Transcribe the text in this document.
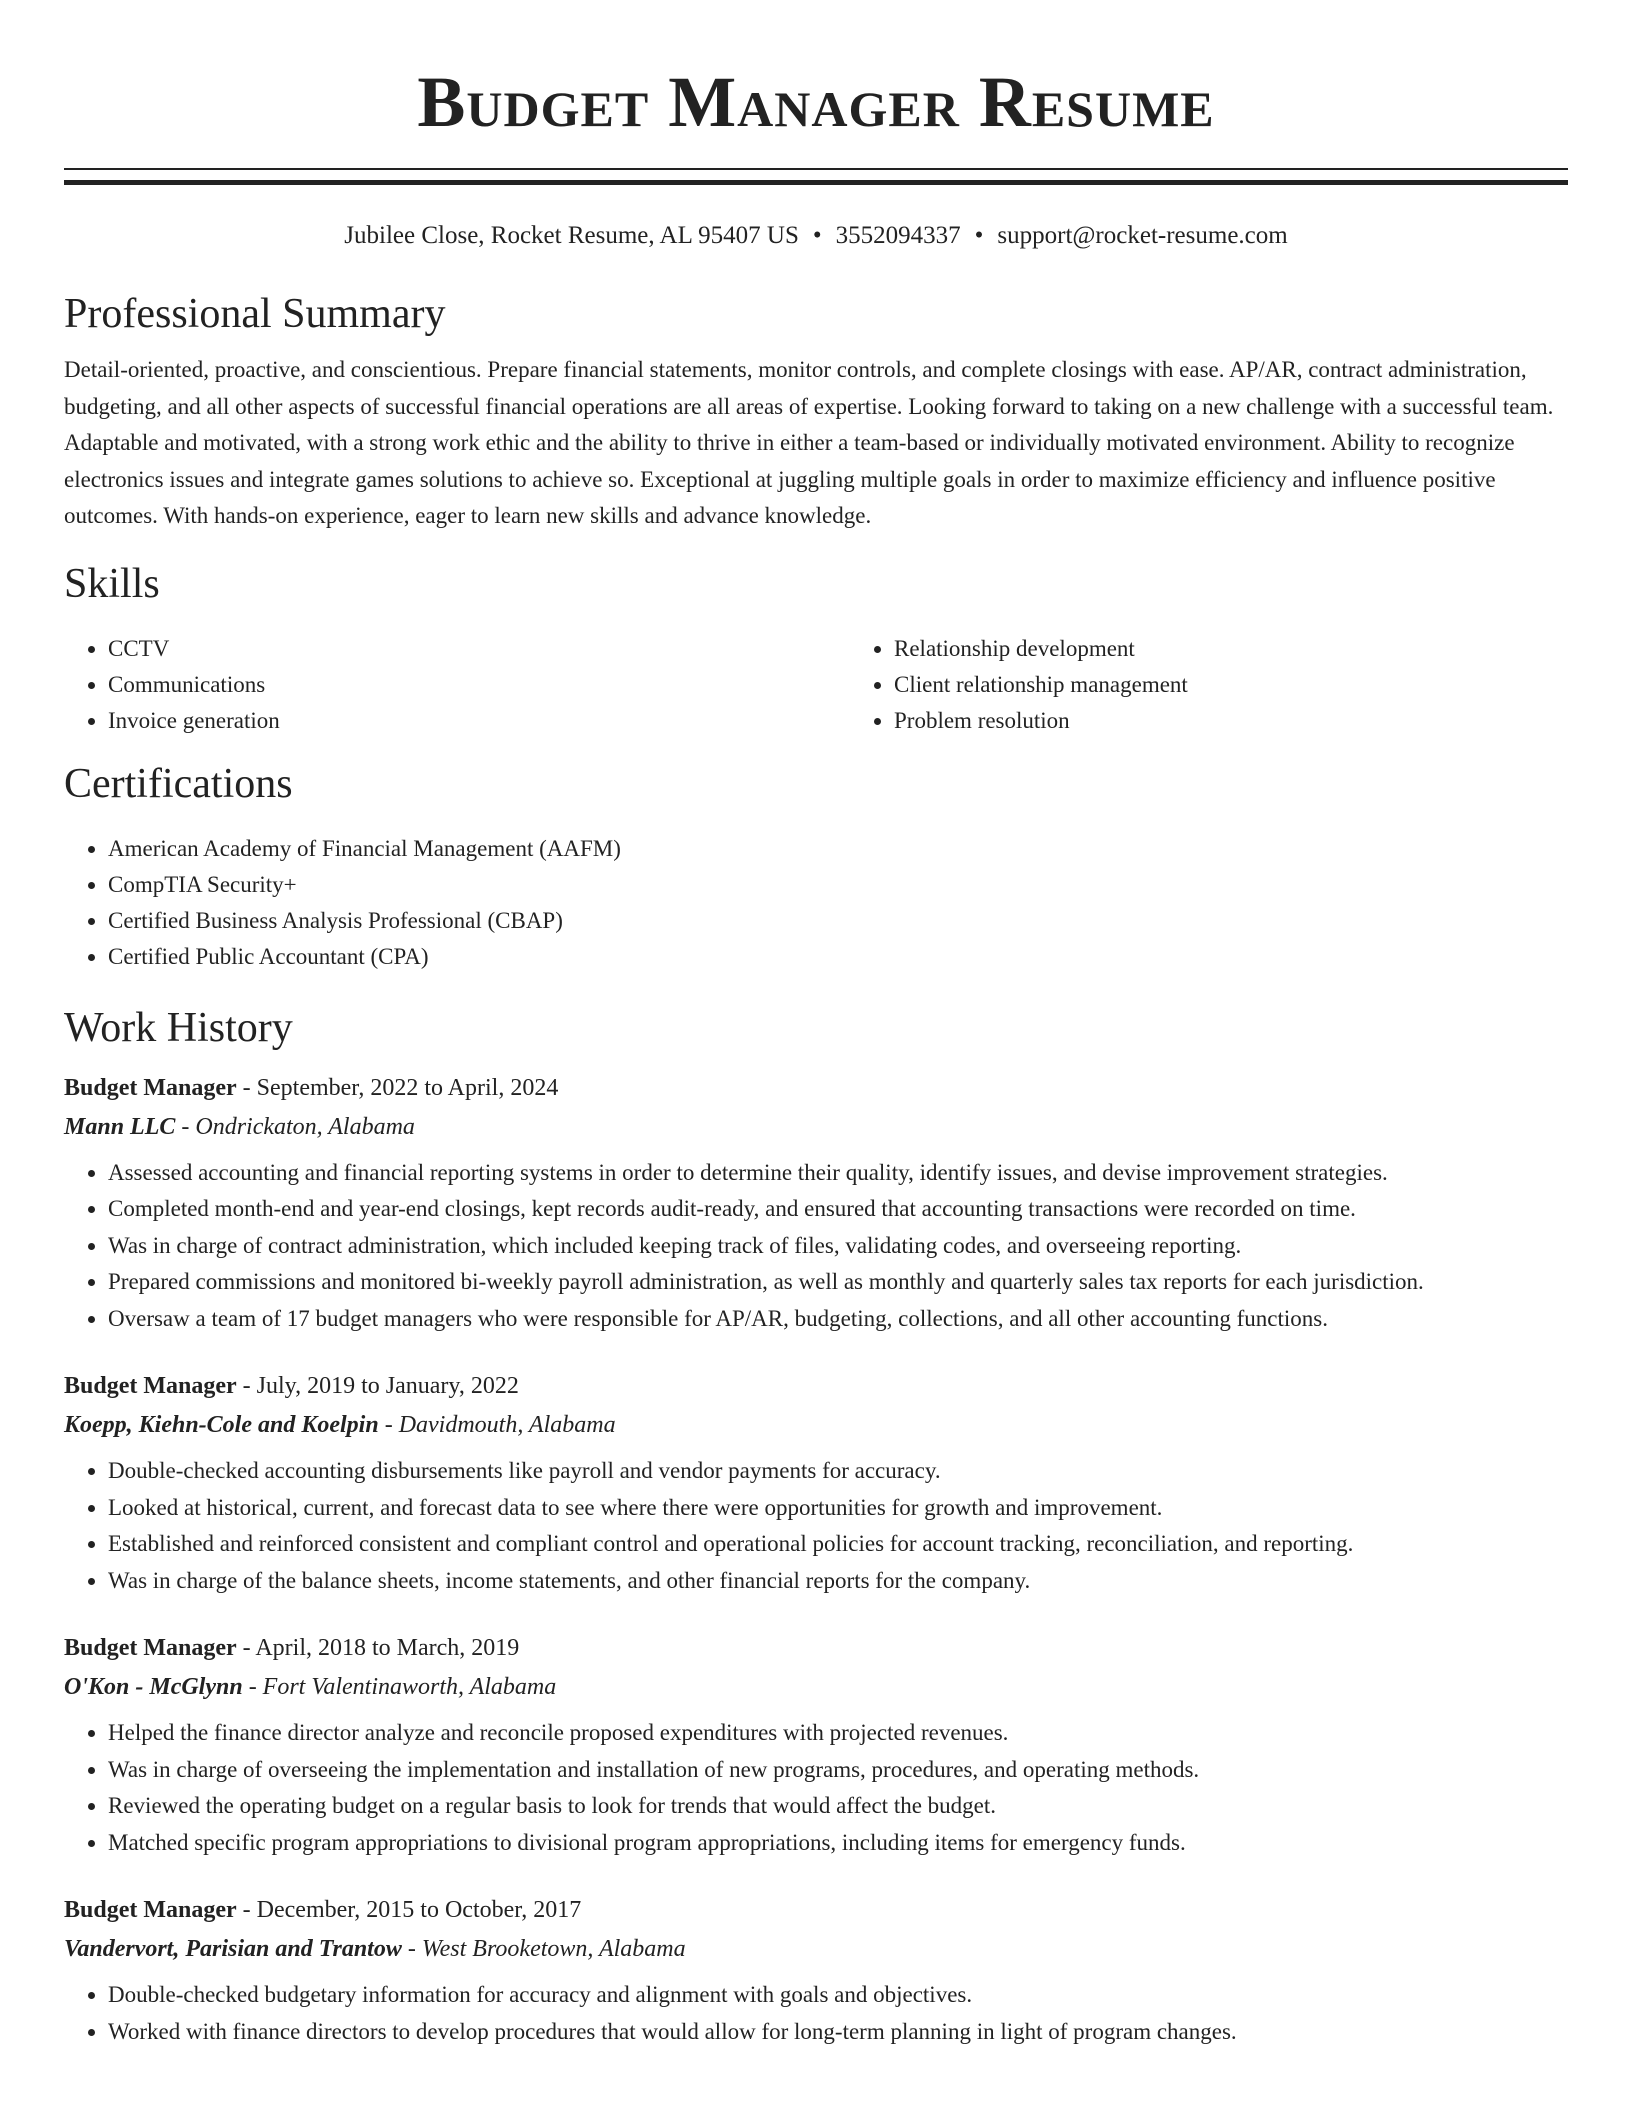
Budget Manager Resume
Jubilee Close, Rocket Resume, AL 95407 US • 3552094337 • support@rocket-resume.com
Professional Summary

Detail-oriented, proactive, and conscientious. Prepare financial statements, monitor controls, and complete closings with ease. AP/AR, contract administration, budgeting, and all other aspects of successful financial operations are all areas of expertise. Looking forward to taking on a new challenge with a successful team. Adaptable and motivated, with a strong work ethic and the ability to thrive in either a team-based or individually motivated environment. Ability to recognize electronics issues and integrate games solutions to achieve so. Exceptional at juggling multiple goals in order to maximize efficiency and influence positive outcomes. With hands-on experience, eager to learn new skills and advance knowledge.

Skills
• CCTV
• Communications
• Invoice generation
• Relationship development
• Client relationship management
• Problem resolution
Certifications
• American Academy of Financial Management (AAFM)
• CompTIA Security+
• Certified Business Analysis Professional (CBAP)
• Certified Public Accountant (CPA)
Work History
Budget Manager - September, 2022 to April, 2024
Mann LLC - Ondrickaton, Alabama
• Assessed accounting and financial reporting systems in order to determine their quality, identify issues, and devise improvement strategies.
• Completed month-end and year-end closings, kept records audit-ready, and ensured that accounting transactions were recorded on time.
• Was in charge of contract administration, which included keeping track of files, validating codes, and overseeing reporting.
• Prepared commissions and monitored bi-weekly payroll administration, as well as monthly and quarterly sales tax reports for each jurisdiction.
• Oversaw a team of 17 budget managers who were responsible for AP/AR, budgeting, collections, and all other accounting functions.
Budget Manager - July, 2019 to January, 2022
Koepp, Kiehn-Cole and Koelpin - Davidmouth, Alabama
• Double-checked accounting disbursements like payroll and vendor payments for accuracy.
• Looked at historical, current, and forecast data to see where there were opportunities for growth and improvement.
• Established and reinforced consistent and compliant control and operational policies for account tracking, reconciliation, and reporting.
• Was in charge of the balance sheets, income statements, and other financial reports for the company.
Budget Manager - April, 2018 to March, 2019
O'Kon - McGlynn - Fort Valentinaworth, Alabama
• Helped the finance director analyze and reconcile proposed expenditures with projected revenues.
• Was in charge of overseeing the implementation and installation of new programs, procedures, and operating methods.
• Reviewed the operating budget on a regular basis to look for trends that would affect the budget.
• Matched specific program appropriations to divisional program appropriations, including items for emergency funds.
Budget Manager - December, 2015 to October, 2017
Vandervort, Parisian and Trantow - West Brooketown, Alabama
• Double-checked budgetary information for accuracy and alignment with goals and objectives.
• Worked with finance directors to develop procedures that would allow for long-term planning in light of program changes.
